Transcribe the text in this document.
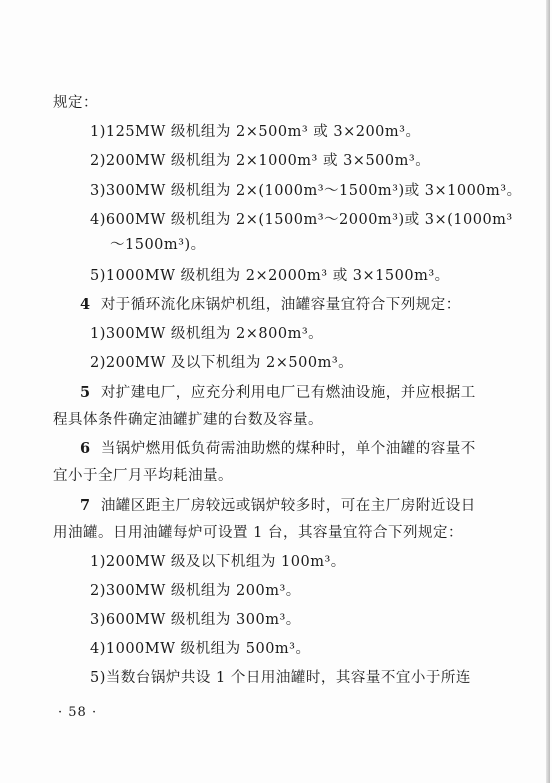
规定：
1)125MW 级机组为 2×500m³ 或 3×200m³。
2)200MW 级机组为 2×1000m³ 或 3×500m³。
3)300MW 级机组为 2×(1000m³～1500m³)或 3×1000m³。
4)600MW 级机组为 2×(1500m³～2000m³)或 3×(1000m³
～1500m³)。
5)1000MW 级机组为 2×2000m³ 或 3×1500m³。
4 对于循环流化床锅炉机组，油罐容量宜符合下列规定：
1)300MW 级机组为 2×800m³。
2)200MW 及以下机组为 2×500m³。
5 对扩建电厂，应充分利用电厂已有燃油设施，并应根据工
程具体条件确定油罐扩建的台数及容量。
6 当锅炉燃用低负荷需油助燃的煤种时，单个油罐的容量不
宜小于全厂月平均耗油量。
7 油罐区距主厂房较远或锅炉较多时，可在主厂房附近设日
用油罐。日用油罐每炉可设置 1 台，其容量宜符合下列规定：
1)200MW 级及以下机组为 100m³。
2)300MW 级机组为 200m³。
3)600MW 级机组为 300m³。
4)1000MW 级机组为 500m³。
5)当数台锅炉共设 1 个日用油罐时，其容量不宜小于所连
· 58 ·
